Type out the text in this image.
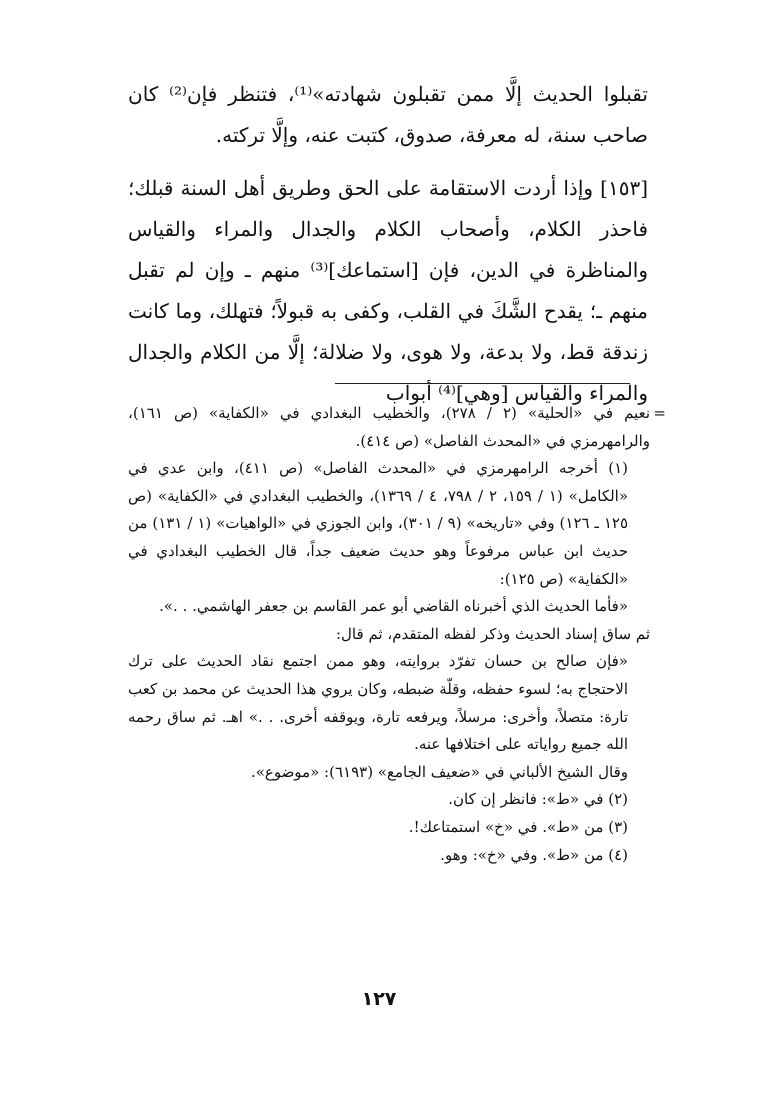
تقبلوا الحديث إلَّا ممن تقبلون شهادته»⁽¹⁾، فتنظر فإن⁽²⁾ كان صاحب سنة، له معرفة، صدوق، كتبت عنه، وإلَّا تركته.

[١٥٣] وإذا أردت الاستقامة على الحق وطريق أهل السنة قبلك؛ فاحذر الكلام، وأصحاب الكلام والجدال والمراء والقياس والمناظرة في الدين، فإن [استماعك]⁽³⁾ منهم ـ وإن لم تقبل منهم ـ؛ يقدح الشَّكَ في القلب، وكفى به قبولاً؛ فتهلك، وما كانت زندقة قط، ولا بدعة، ولا هوى، ولا ضلالة؛ إلَّا من الكلام والجدال والمراء والقياس [وهي]⁽⁴⁾ أبواب

=
نعيم في «الحلية» (٢ / ٢٧٨)، والخطيب البغدادي في «الكفاية» (ص ١٦١)، والرامهرمزي في «المحدث الفاصل» (ص ٤١٤).

(١) أخرجه الرامهرمزي في «المحدث الفاصل» (ص ٤١١)، وابن عدي في «الكامل» (١ / ١٥٩، ٢ / ٧٩٨، ٤ / ١٣٦٩)، والخطيب البغدادي في «الكفاية» (ص ١٢٥ ـ ١٢٦) وفي «تاريخه» (٩ / ٣٠١)، وابن الجوزي في «الواهيات» (١ / ١٣١) من حديث ابن عباس مرفوعاً وهو حديث ضعيف جداً، قال الخطيب البغدادي في «الكفاية» (ص ١٢٥):

«فأما الحديث الذي أخبرناه القاضي أبو عمر القاسم بن جعفر الهاشمي. . .».

ثم ساق إسناد الحديث وذكر لفظه المتقدم، ثم قال:

«فإن صالح بن حسان تفرّد بروايته، وهو ممن اجتمع نقاد الحديث على ترك الاحتجاج به؛ لسوء حفظه، وقلّة ضبطه، وكان يروي هذا الحديث عن محمد بن كعب تارة: متصلاً، وأخرى: مرسلاً، ويرفعه تارة، ويوقفه أخرى. . .» اهـ. ثم ساق رحمه الله جميع رواياته على اختلافها عنه.

وقال الشيخ الألباني في «ضعيف الجامع» (٦١٩٣): «موضوع».

(٢) في «ط»: فانظر إن كان.

(٣) من «ط». في «خ» استمتاعك!.

(٤) من «ط». وفي «خ»: وهو.

١٢٧
